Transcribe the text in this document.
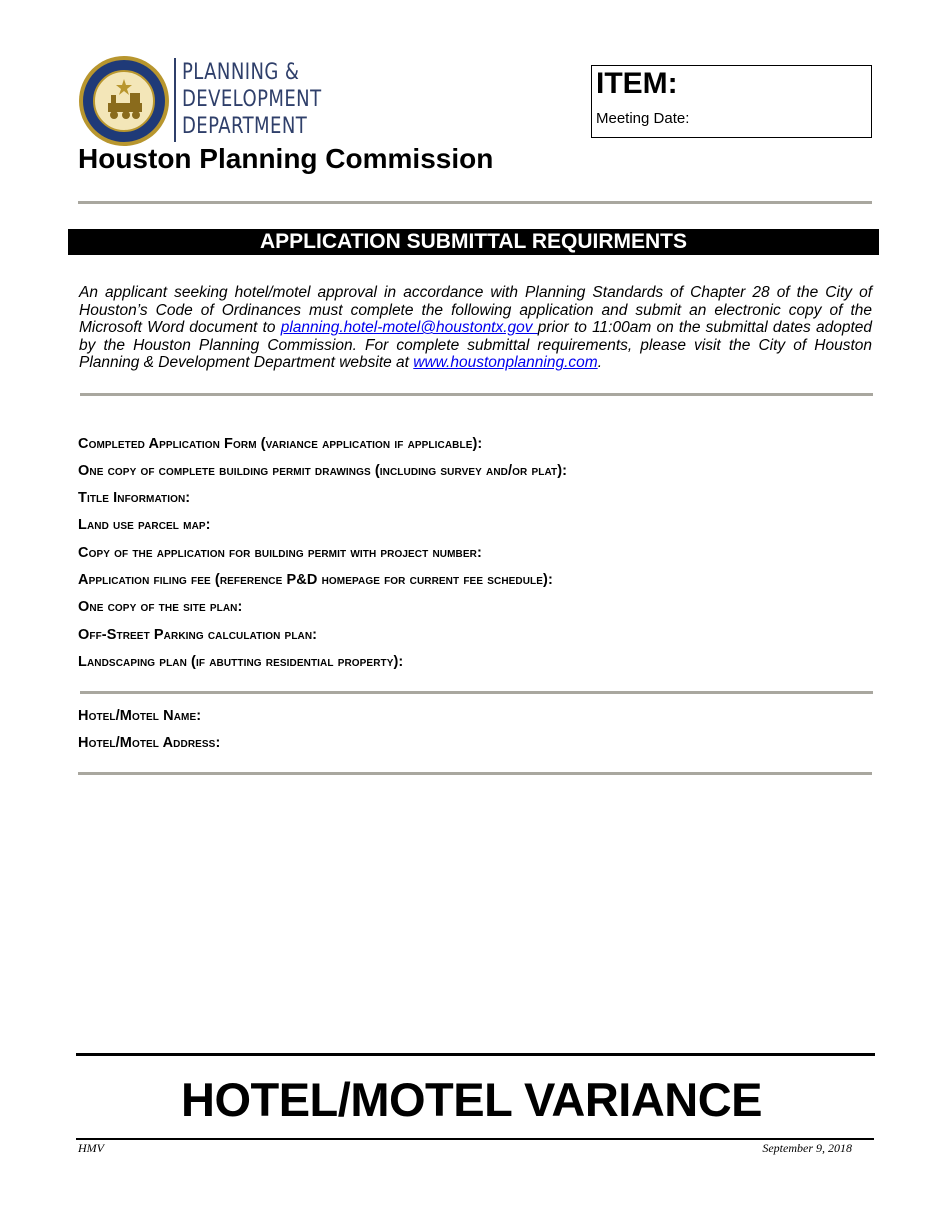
PLANNING &
DEVELOPMENT
DEPARTMENT
Houston Planning Commission
ITEM:
Meeting Date:
APPLICATION SUBMITTAL REQUIRMENTS
An applicant seeking hotel/motel approval in accordance with Planning Standards of Chapter 28 of the City of Houston’s Code of Ordinances must complete the following application and submit an electronic copy of the Microsoft Word document to planning.hotel-motel@houstontx.gov prior to 11:00am on the submittal dates adopted by the Houston Planning Commission. For complete submittal requirements, please visit the City of Houston Planning & Development Department website at www.houstonplanning.com.
Completed Application Form (variance application if applicable):
One copy of complete building permit drawings (including survey and/or plat):
Title Information:
Land use parcel map:
Copy of the application for building permit with project number:
Application filing fee (reference P&D homepage for current fee schedule):
One copy of the site plan:
Off-Street Parking calculation plan:
Landscaping plan (if abutting residential property):
Hotel/Motel Name:
Hotel/Motel Address:
HOTEL/MOTEL VARIANCE
HMV	September 9, 2018
